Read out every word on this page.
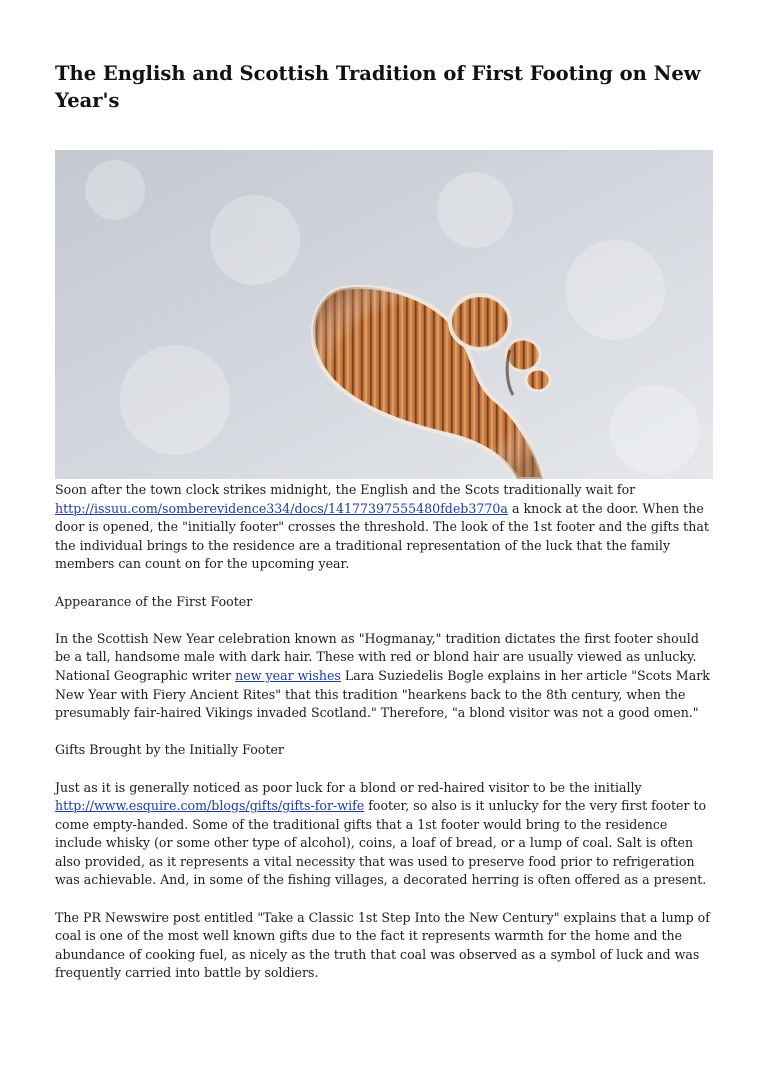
The English and Scottish Tradition of First Footing on New Year's

Soon after the town clock strikes midnight, the English and the Scots traditionally wait for http://issuu.com/somberevidence334/docs/14177397555480fdeb3770a a knock at the door. When the door is opened, the "initially footer" crosses the threshold. The look of the 1st footer and the gifts that the individual brings to the residence are a traditional representation of the luck that the family members can count on for the upcoming year.

Appearance of the First Footer

In the Scottish New Year celebration known as "Hogmanay," tradition dictates the first footer should be a tall, handsome male with dark hair. These with red or blond hair are usually viewed as unlucky. National Geographic writer new year wishes Lara Suziedelis Bogle explains in her article "Scots Mark New Year with Fiery Ancient Rites" that this tradition "hearkens back to the 8th century, when the presumably fair-haired Vikings invaded Scotland." Therefore, "a blond visitor was not a good omen."

Gifts Brought by the Initially Footer

Just as it is generally noticed as poor luck for a blond or red-haired visitor to be the initially http://www.esquire.com/blogs/gifts/gifts-for-wife footer, so also is it unlucky for the very first footer to come empty-handed. Some of the traditional gifts that a 1st footer would bring to the residence include whisky (or some other type of alcohol), coins, a loaf of bread, or a lump of coal. Salt is often also provided, as it represents a vital necessity that was used to preserve food prior to refrigeration was achievable. And, in some of the fishing villages, a decorated herring is often offered as a present.

The PR Newswire post entitled "Take a Classic 1st Step Into the New Century" explains that a lump of coal is one of the most well known gifts due to the fact it represents warmth for the home and the abundance of cooking fuel, as nicely as the truth that coal was observed as a symbol of luck and was frequently carried into battle by soldiers.
